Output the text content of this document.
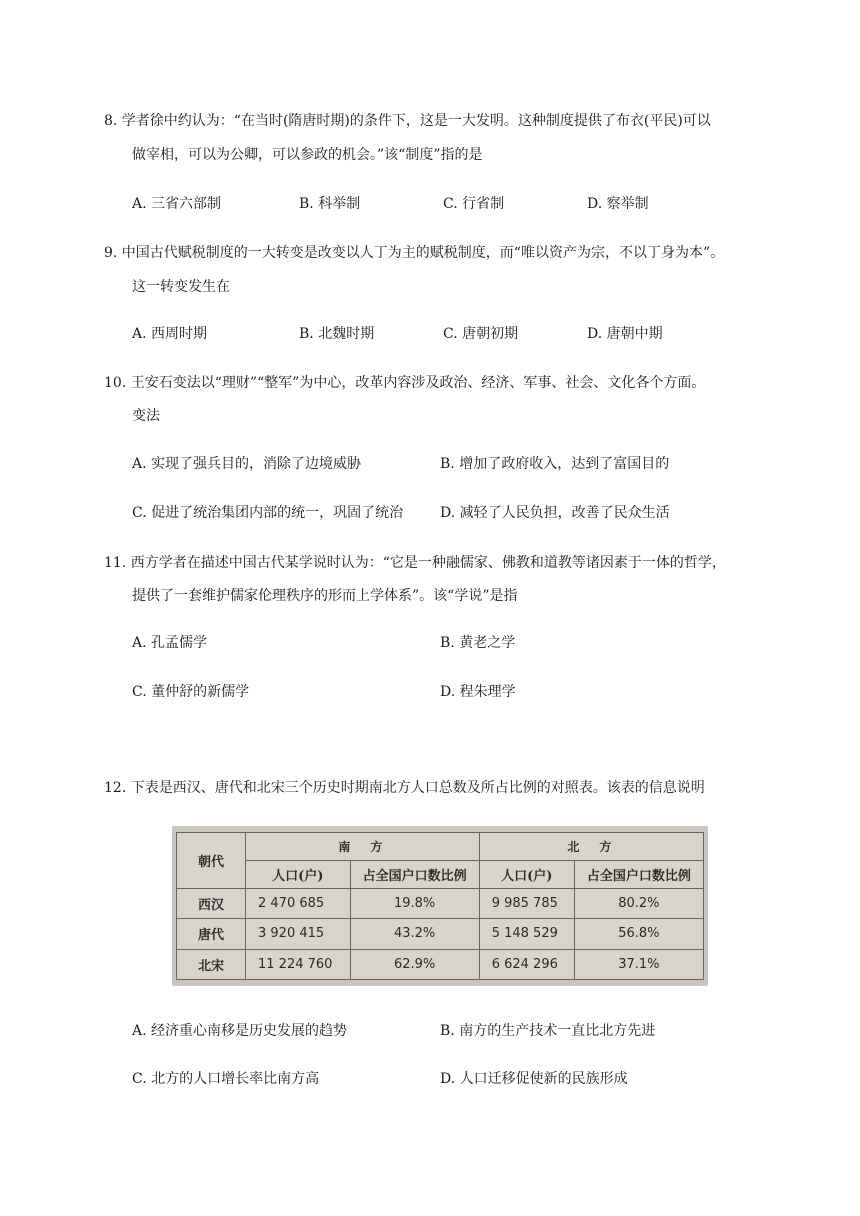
8. 学者徐中约认为：“在当时(隋唐时期)的条件下，这是一大发明。这种制度提供了布衣(平民)可以
做宰相，可以为公卿，可以参政的机会。”该“制度”指的是
A. 三省六部制	B. 科举制	C. 行省制	D. 察举制
9. 中国古代赋税制度的一大转变是改变以人丁为主的赋税制度，而“唯以资产为宗，不以丁身为本”。
这一转变发生在
A. 西周时期	B. 北魏时期	C. 唐朝初期	D. 唐朝中期
10. 王安石变法以“理财”“整军”为中心，改革内容涉及政治、经济、军事、社会、文化各个方面。
变法
A. 实现了强兵目的，消除了边境威胁	B. 增加了政府收入，达到了富国目的
C. 促进了统治集团内部的统一，巩固了统治	D. 减轻了人民负担，改善了民众生活
11. 西方学者在描述中国古代某学说时认为：“它是一种融儒家、佛教和道教等诸因素于一体的哲学，
提供了一套维护儒家伦理秩序的形而上学体系”。该“学说”是指
A. 孔孟儒学	B. 黄老之学
C. 董仲舒的新儒学	D. 程朱理学
12. 下表是西汉、唐代和北宋三个历史时期南北方人口总数及所占比例的对照表。该表的信息说明
朝代	南　方		北　方	
	人口(户)	占全国户口数比例	人口(户)	占全国户口数比例
西汉	2 470 685	19.8%	9 985 785	80.2%
唐代	3 920 415	43.2%	5 148 529	56.8%
北宋	11 224 760	62.9%	6 624 296	37.1%
A. 经济重心南移是历史发展的趋势	B. 南方的生产技术一直比北方先进
C. 北方的人口增长率比南方高	D. 人口迁移促使新的民族形成
